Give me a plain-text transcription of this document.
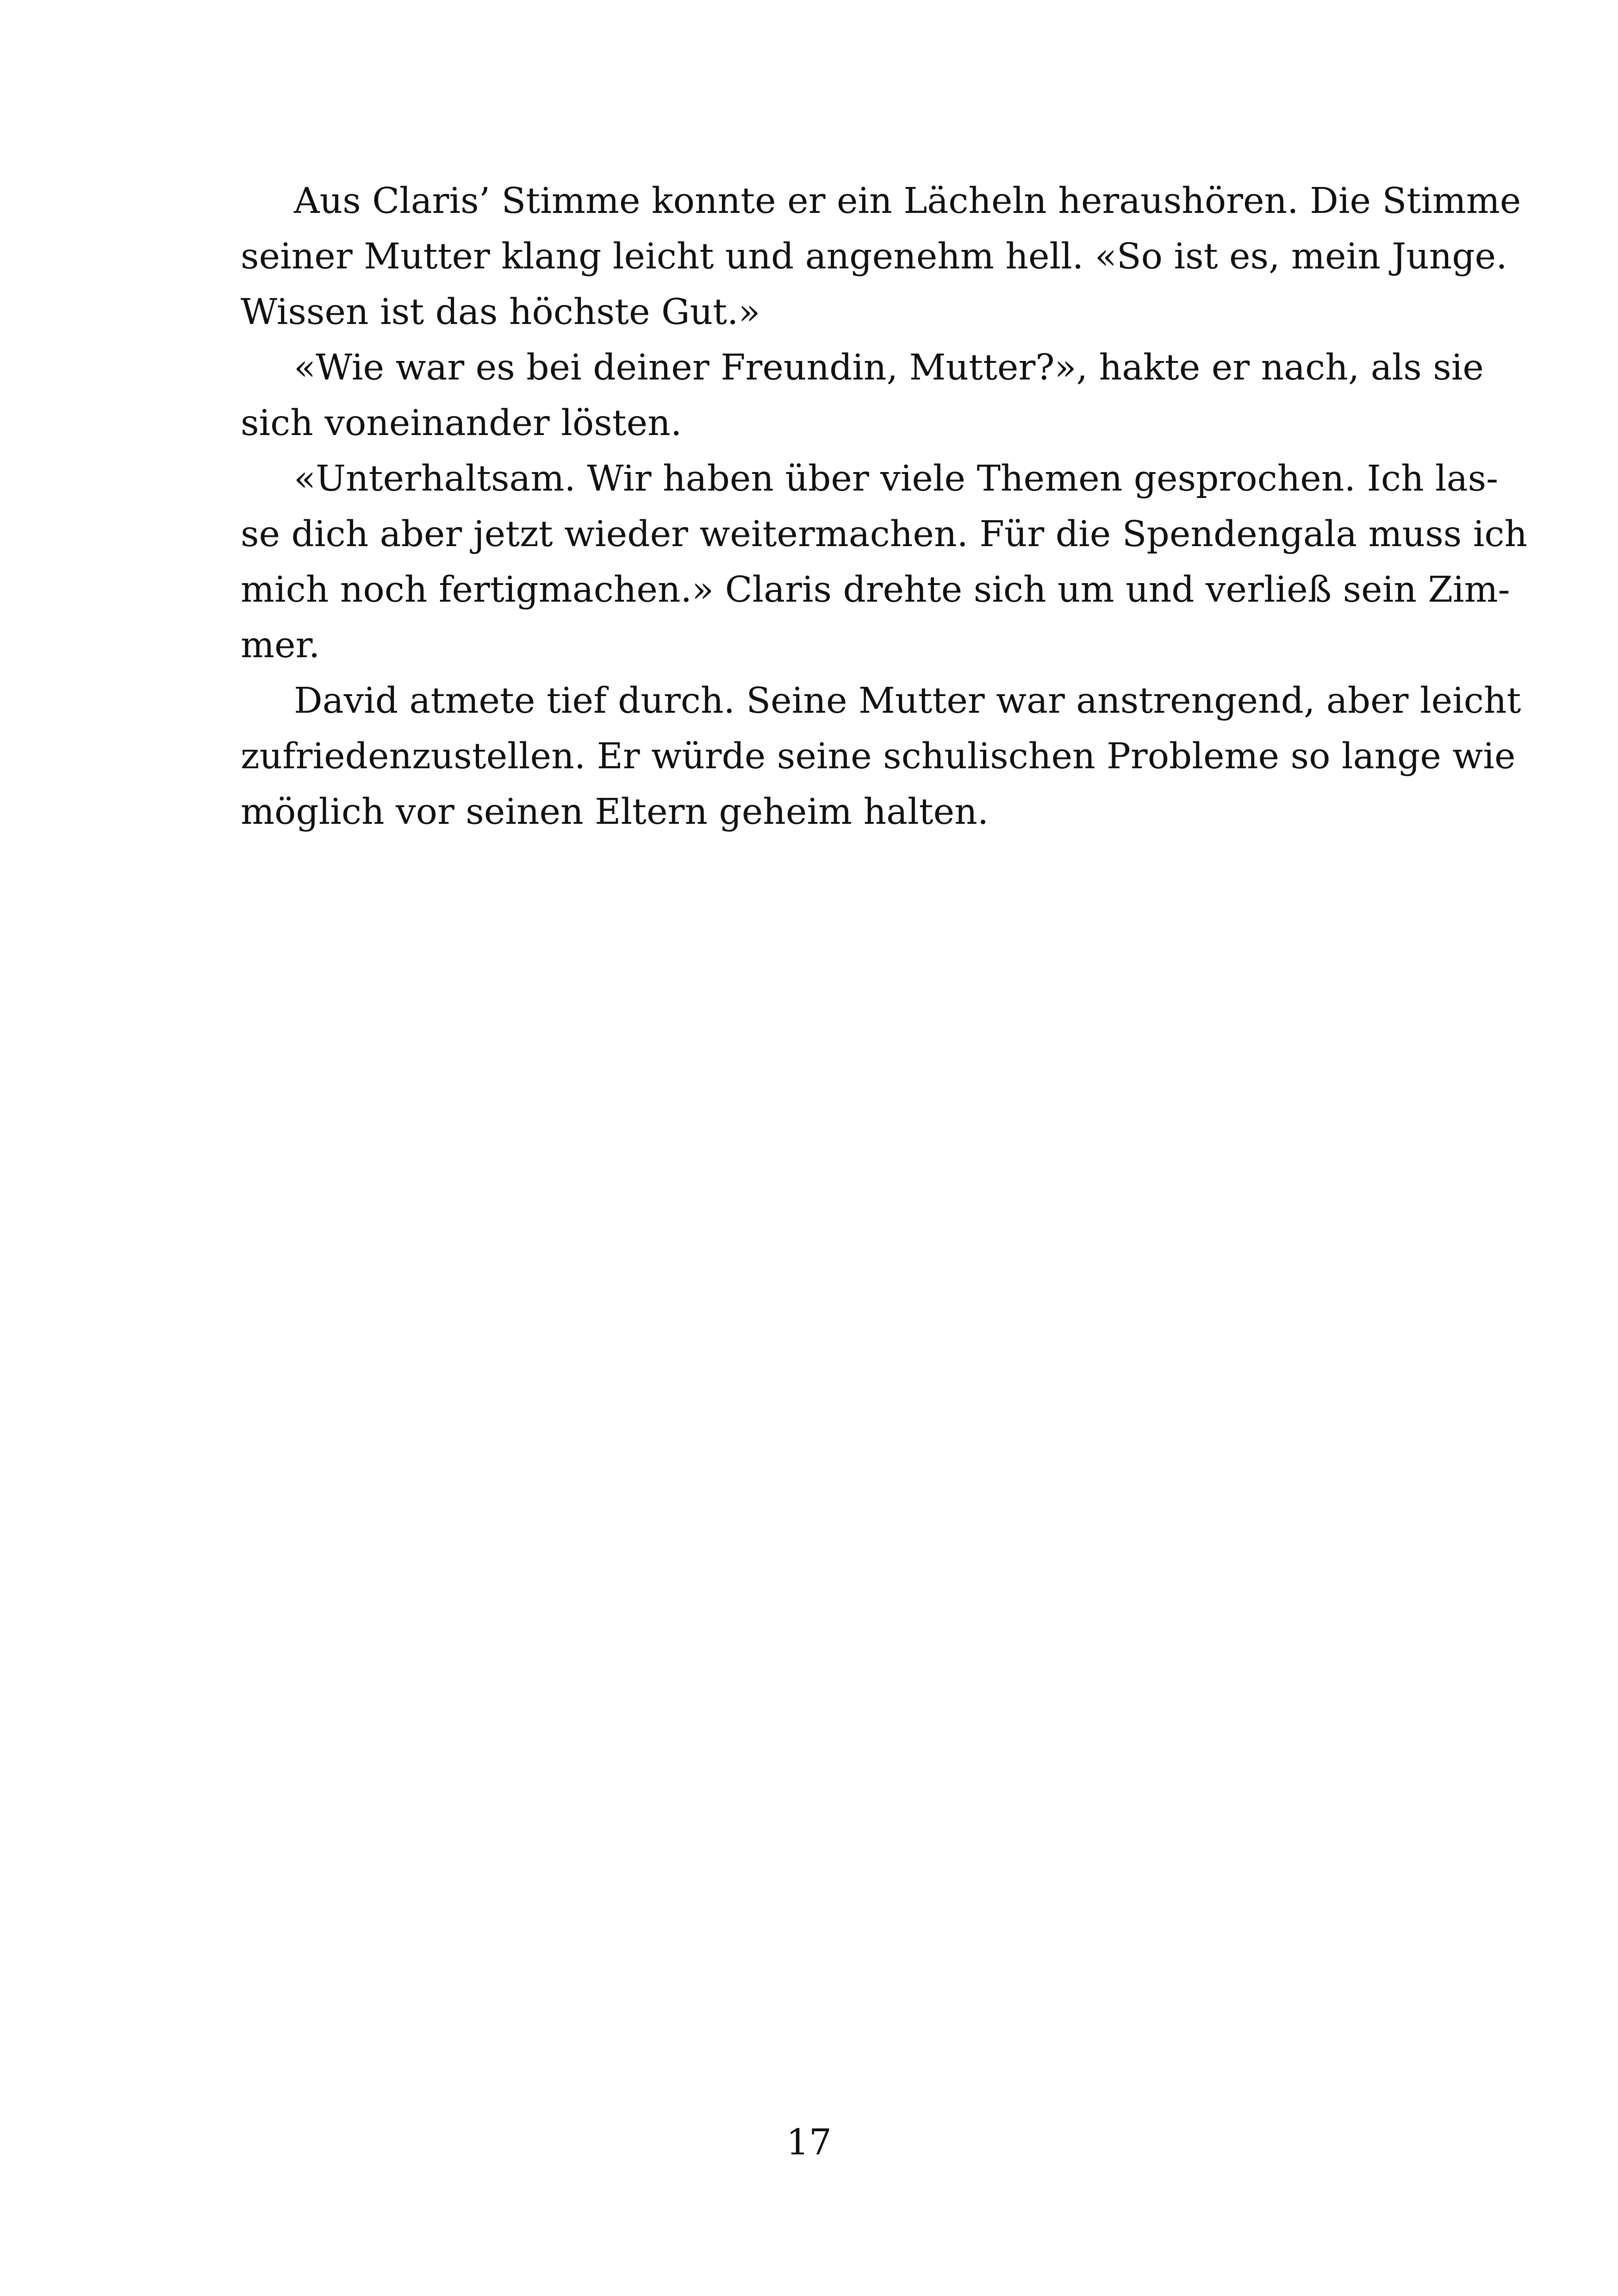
Aus Claris’ Stimme konnte er ein Lächeln heraushören. Die Stimme
seiner Mutter klang leicht und angenehm hell. «So ist es, mein Junge.
Wissen ist das höchste Gut.»
«Wie war es bei deiner Freundin, Mutter?», hakte er nach, als sie
sich voneinander lösten.
«Unterhaltsam. Wir haben über viele Themen gesprochen. Ich las-
se dich aber jetzt wieder weitermachen. Für die Spendengala muss ich
mich noch fertigmachen.» Claris drehte sich um und verließ sein Zim-
mer.
David atmete tief durch. Seine Mutter war anstrengend, aber leicht
zufriedenzustellen. Er würde seine schulischen Probleme so lange wie
möglich vor seinen Eltern geheim halten.
17
